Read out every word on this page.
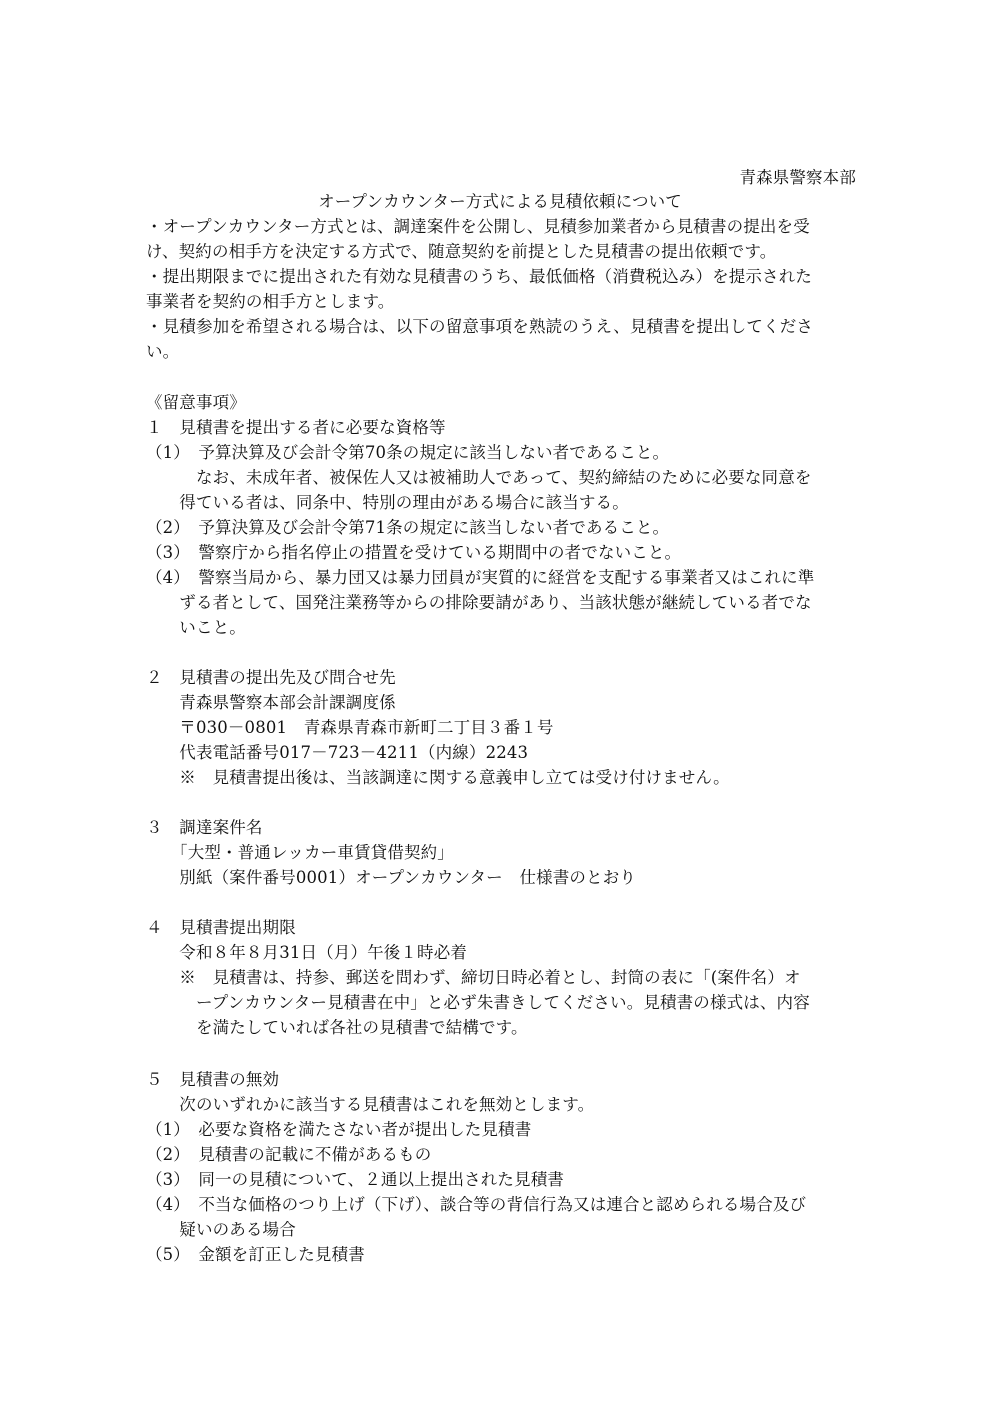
青森県警察本部
オープンカウンター方式による見積依頼について
・オープンカウンター方式とは、調達案件を公開し、見積参加業者から見積書の提出を受
け、契約の相手方を決定する方式で、随意契約を前提とした見積書の提出依頼です。
・提出期限までに提出された有効な見積書のうち、最低価格（消費税込み）を提示された
事業者を契約の相手方とします。
・見積参加を希望される場合は、以下の留意事項を熟読のうえ、見積書を提出してくださ
い。
《留意事項》
１　見積書を提出する者に必要な資格等
（1）　予算決算及び会計令第70条の規定に該当しない者であること。
　　　なお、未成年者、被保佐人又は被補助人であって、契約締結のために必要な同意を
　　得ている者は、同条中、特別の理由がある場合に該当する。
（2）　予算決算及び会計令第71条の規定に該当しない者であること。
（3）　警察庁から指名停止の措置を受けている期間中の者でないこと。
（4）　警察当局から、暴力団又は暴力団員が実質的に経営を支配する事業者又はこれに準
　　ずる者として、国発注業務等からの排除要請があり、当該状態が継続している者でな
　　いこと。
２　見積書の提出先及び問合せ先
　　青森県警察本部会計課調度係
　　〒030－0801　青森県青森市新町二丁目３番１号
　　代表電話番号017－723－4211（内線）2243
　　※　見積書提出後は、当該調達に関する意義申し立ては受け付けません。
３　調達案件名
　　「大型・普通レッカー車賃貸借契約」
　　別紙（案件番号0001）オープンカウンター　仕様書のとおり
４　見積書提出期限
　　令和８年８月31日（月）午後１時必着
　　※　見積書は、持参、郵送を問わず、締切日時必着とし、封筒の表に「(案件名）オ
　　　ープンカウンター見積書在中」と必ず朱書きしてください。見積書の様式は、内容
　　　を満たしていれば各社の見積書で結構です。
５　見積書の無効
　　次のいずれかに該当する見積書はこれを無効とします。
（1）　必要な資格を満たさない者が提出した見積書
（2）　見積書の記載に不備があるもの
（3）　同一の見積について、２通以上提出された見積書
（4）　不当な価格のつり上げ（下げ）、談合等の背信行為又は連合と認められる場合及び
　　疑いのある場合
（5）　金額を訂正した見積書
